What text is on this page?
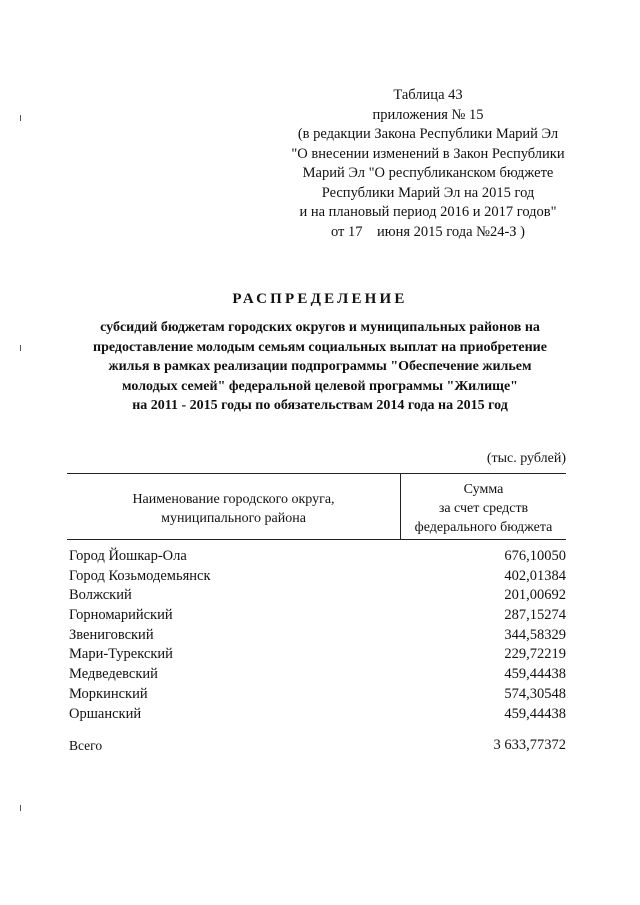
Таблица 43
приложения № 15
(в редакции Закона Республики Марий Эл
"О внесении изменений в Закон Республики
Марий Эл "О республиканском бюджете
Республики Марий Эл на 2015 год
и на плановый период 2016 и 2017 годов"
от 17    июня 2015 года №24-З )
РАСПРЕДЕЛЕНИЕ
субсидий бюджетам городских округов и муниципальных районов на
предоставление молодым семьям социальных выплат на приобретение
жилья в рамках реализации подпрограммы "Обеспечение жильем
молодых семей" федеральной целевой программы "Жилище"
на 2011 - 2015 годы по обязательствам 2014 года на 2015 год
(тыс. рублей)
Наименование городского округа,
муниципального района
Сумма
за счет средств
федерального бюджета
Город Йошкар-Ола	676,10050
Город Козьмодемьянск	402,01384
Волжский	201,00692
Горномарийский	287,15274
Звениговский	344,58329
Мари-Турекский	229,72219
Медведевский	459,44438
Моркинский	574,30548
Оршанский	459,44438
Всего	3 633,77372
